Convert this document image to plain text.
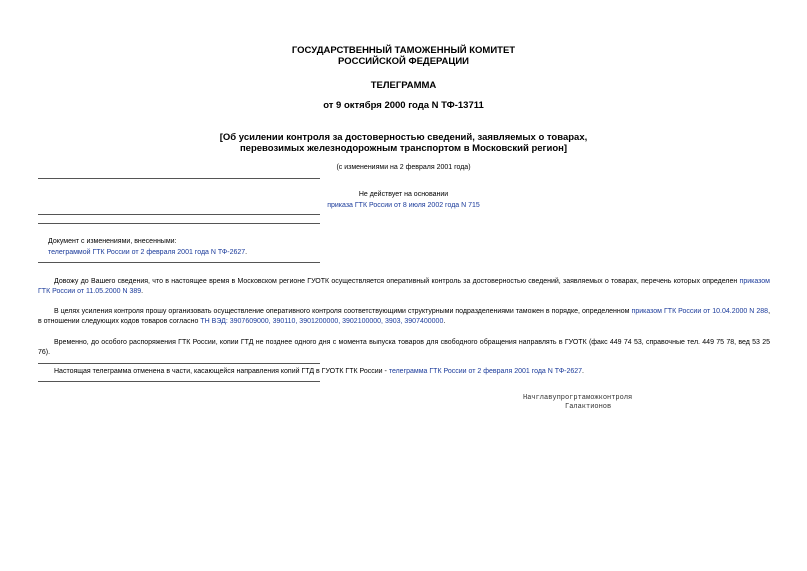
ГОСУДАРСТВЕННЫЙ ТАМОЖЕННЫЙ КОМИТЕТ
РОССИЙСКОЙ ФЕДЕРАЦИИ
ТЕЛЕГРАММА
от 9 октября 2000 года N ТФ-13711
[Об усилении контроля за достоверностью сведений, заявляемых о товарах,
перевозимых железнодорожным транспортом в Московский регион]
(с изменениями на 2 февраля 2001 года)
Не действует на основании
приказа ГТК России от 8 июля 2002 года N 715
Документ с изменениями, внесенными:
телеграммой ГТК России от 2 февраля 2001 года N ТФ-2627.
Довожу до Вашего сведения, что в настоящее время в Московском регионе ГУОТК осуществляется оперативный контроль за достоверностью сведений, заявляемых о товарах, перечень которых определен приказом ГТК России от 11.05.2000 N 389.
В целях усиления контроля прошу организовать осуществление оперативного контроля соответствующими структурными подразделениями таможен в порядке, определенном приказом ГТК России от 10.04.2000 N 288, в отношении следующих кодов товаров согласно ТН ВЭД: 3907609000, 390110, 3901200000, 3902100000, 3903, 3907400000.
Временно, до особого распоряжения ГТК России, копии ГТД не позднее одного дня с момента выпуска товаров для свободного обращения направлять в ГУОТК (факс 449 74 53, справочные тел. 449 75 78, вед 53 25 76).
Настоящая телеграмма отменена в части, касающейся направления копий ГТД в ГУОТК ГТК России - телеграмма ГТК России от 2 февраля 2001 года N ТФ-2627.
Начглавупрогртаможконтроля
Галактионов
